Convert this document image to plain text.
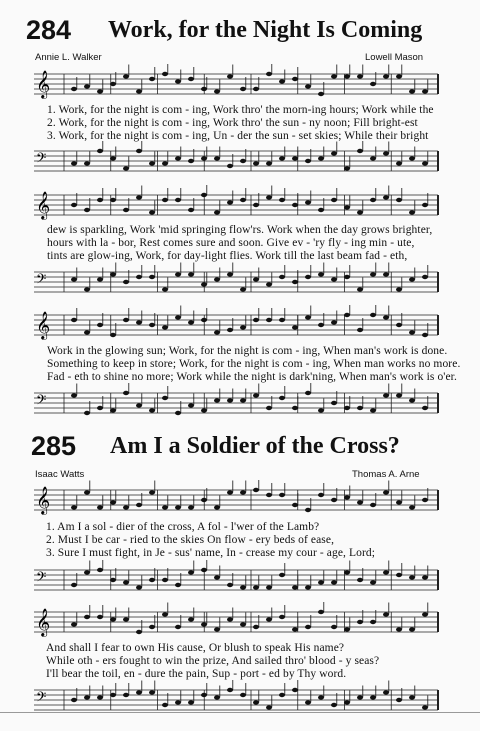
284 Work, for the Night Is Coming
Annie L. Walker	Lowell Mason
𝄞
1. Work, for the night is com - ing, Work thro' the morn-ing hours; Work while the
2. Work, for the night is com - ing, Work thro' the sun - ny noon; Fill bright-est
3. Work, for the night is com - ing, Un - der the sun - set skies; While their bright
𝄢
𝄞
dew is sparkling, Work 'mid springing flow'rs. Work when the day grows brighter,
hours with la - bor, Rest comes sure and soon. Give ev - 'ry fly - ing min - ute,
tints are glow-ing, Work, for day-light flies. Work till the last beam fad - eth,
𝄢
𝄞
Work in the glowing sun; Work, for the night is com - ing, When man's work is done.
Something to keep in store; Work, for the night is com - ing, When man works no more.
Fad - eth to shine no more; Work while the night is dark'ning, When man's work is o'er.
𝄢
285 Am I a Soldier of the Cross?
Isaac Watts	Thomas A. Arne
𝄞
1. Am I a sol - dier of the cross, A fol - l'wer of the Lamb?
2. Must I be car - ried to the skies On flow - ery beds of ease,
3. Sure I must fight, in Je - sus' name, In - crease my cour - age, Lord;
𝄢
𝄞
And shall I fear to own His cause, Or blush to speak His name?
While oth - ers fought to win the prize, And sailed thro' blood - y seas?
I'll bear the toil, en - dure the pain, Sup - port - ed by Thy word.
𝄢
